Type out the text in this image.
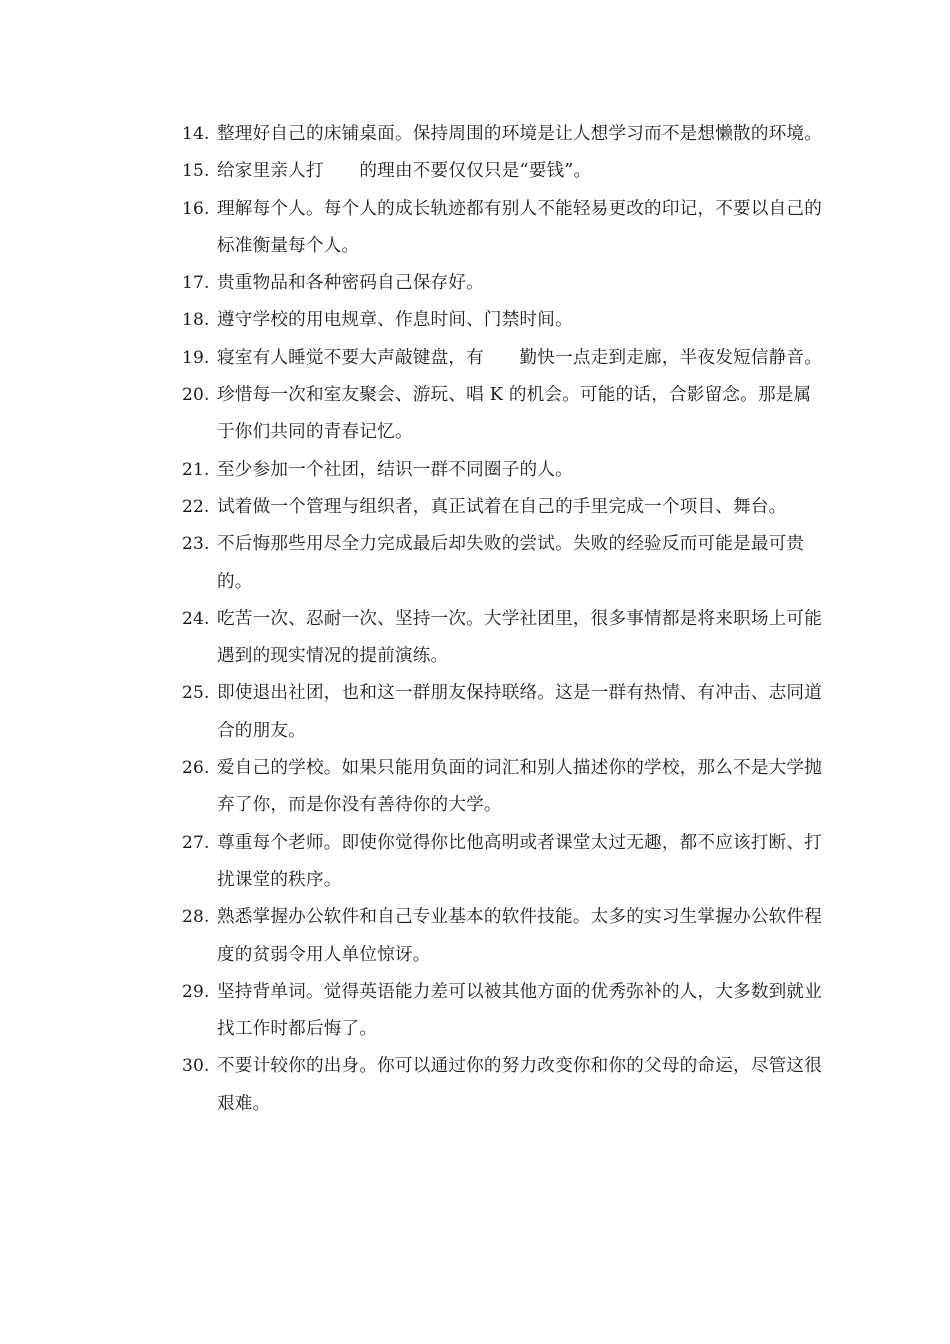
14. 整理好自己的床铺桌面。保持周围的环境是让人想学习而不是想懒散的环境。
15. 给家里亲人打　　的理由不要仅仅只是“要钱”。
16. 理解每个人。每个人的成长轨迹都有别人不能轻易更改的印记，不要以自己的标准衡量每个人。
17. 贵重物品和各种密码自己保存好。
18. 遵守学校的用电规章、作息时间、门禁时间。
19. 寝室有人睡觉不要大声敲键盘，有　　勤快一点走到走廊，半夜发短信静音。
20. 珍惜每一次和室友聚会、游玩、唱 K 的机会。可能的话，合影留念。那是属于你们共同的青春记忆。
21. 至少参加一个社团，结识一群不同圈子的人。
22. 试着做一个管理与组织者，真正试着在自己的手里完成一个项目、舞台。
23. 不后悔那些用尽全力完成最后却失败的尝试。失败的经验反而可能是最可贵的。
24. 吃苦一次、忍耐一次、坚持一次。大学社团里，很多事情都是将来职场上可能遇到的现实情况的提前演练。
25. 即使退出社团，也和这一群朋友保持联络。这是一群有热情、有冲击、志同道合的朋友。
26. 爱自己的学校。如果只能用负面的词汇和别人描述你的学校，那么不是大学抛弃了你，而是你没有善待你的大学。
27. 尊重每个老师。即使你觉得你比他高明或者课堂太过无趣，都不应该打断、打扰课堂的秩序。
28. 熟悉掌握办公软件和自己专业基本的软件技能。太多的实习生掌握办公软件程度的贫弱令用人单位惊讶。
29. 坚持背单词。觉得英语能力差可以被其他方面的优秀弥补的人，大多数到就业找工作时都后悔了。
30. 不要计较你的出身。你可以通过你的努力改变你和你的父母的命运，尽管这很艰难。
